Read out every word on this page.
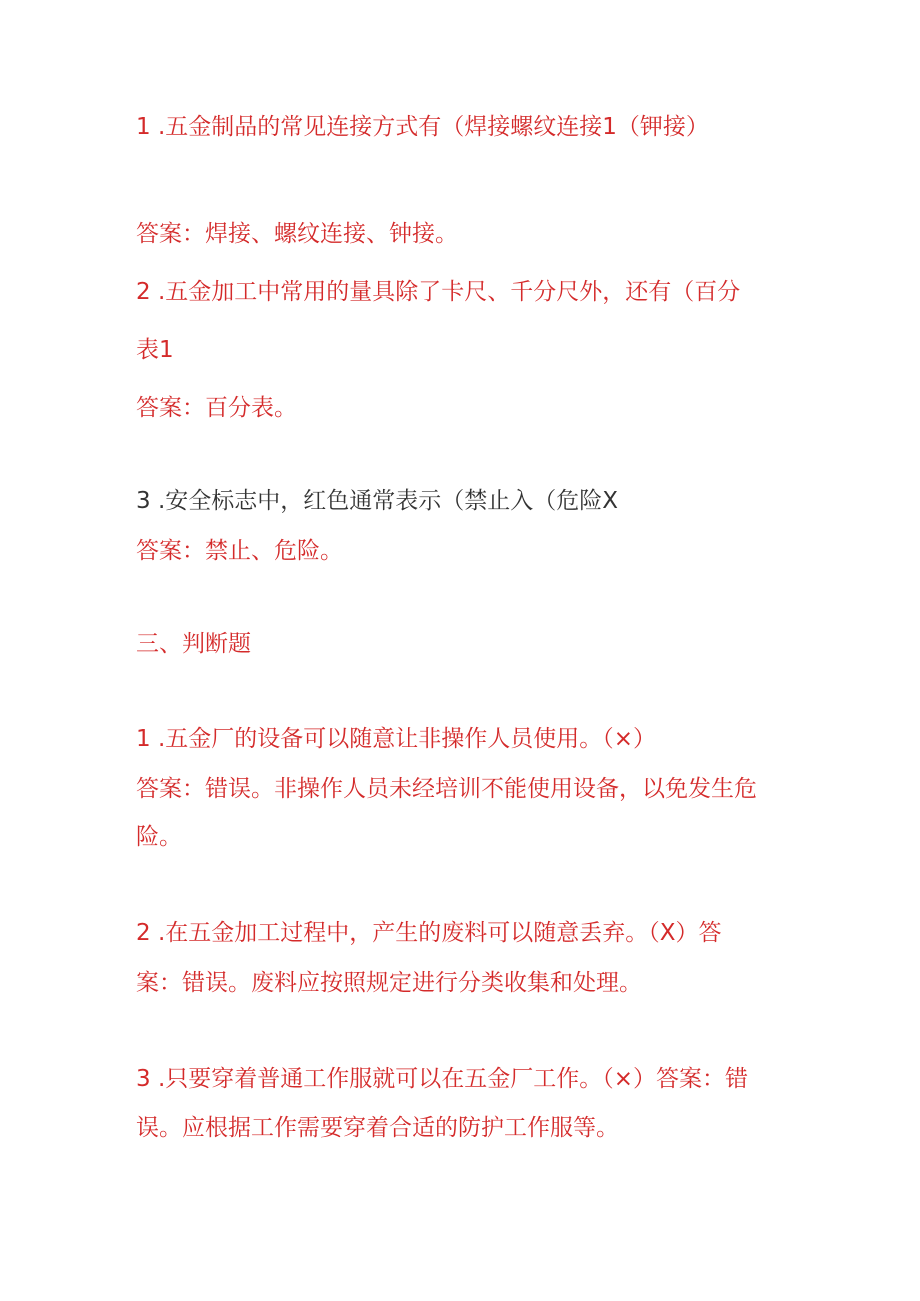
1 .五金制品的常见连接方式有（焊接螺纹连接1（钾接）
答案：焊接、螺纹连接、钟接。
2 .五金加工中常用的量具除了卡尺、千分尺外，还有（百分
表1
答案：百分表。
3 .安全标志中，红色通常表示（禁止入（危险X
答案：禁止、危险。
三、判断题
1 .五金厂的设备可以随意让非操作人员使用。（×）
答案：错误。非操作人员未经培训不能使用设备，以免发生危
险。
2 .在五金加工过程中，产生的废料可以随意丢弃。（X）答
案：错误。废料应按照规定进行分类收集和处理。
3 .只要穿着普通工作服就可以在五金厂工作。（×）答案：错
误。应根据工作需要穿着合适的防护工作服等。
